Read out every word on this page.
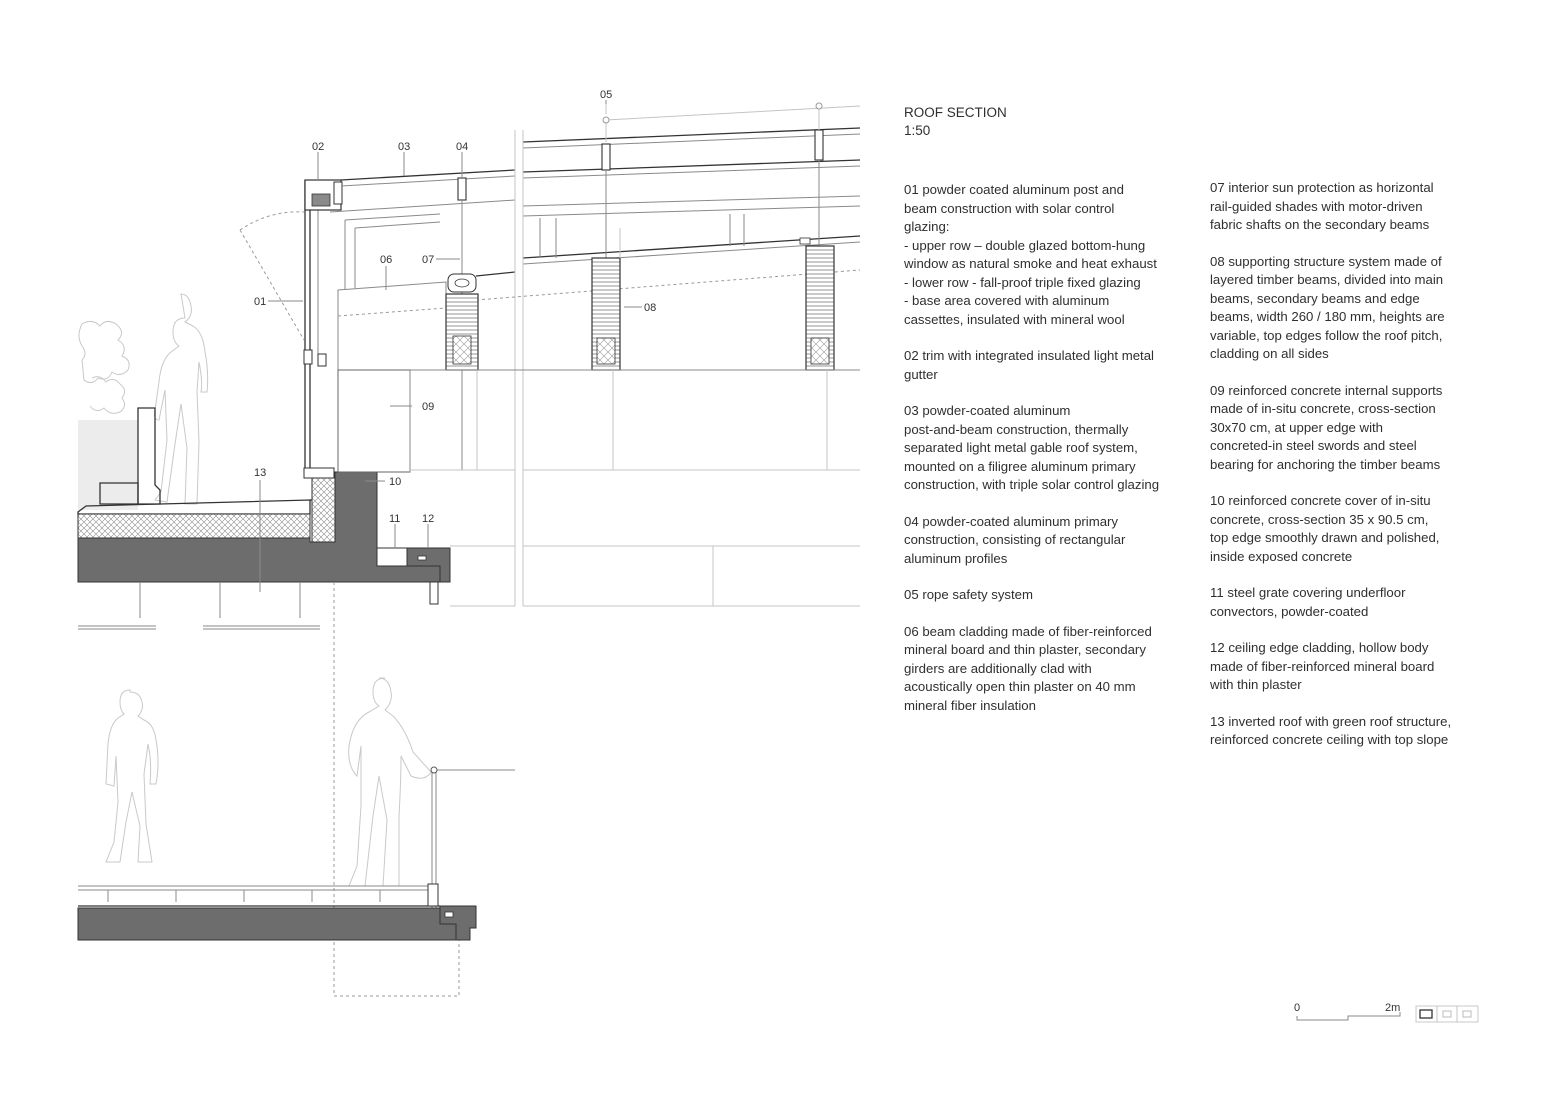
01
02	03	04
05
06	07
08
09
10
11 12
13
0	2m
ROOF SECTION
1:50

01 powder coated aluminum post and
beam construction with solar control
glazing:
- upper row – double glazed bottom-hung
window as natural smoke and heat exhaust
- lower row - fall-proof triple fixed glazing
- base area covered with aluminum
cassettes, insulated with mineral wool

02 trim with integrated insulated light metal
gutter

03 powder-coated aluminum
post-and-beam construction, thermally
separated light metal gable roof system,
mounted on a filigree aluminum primary
construction, with triple solar control glazing

04 powder-coated aluminum primary
construction, consisting of rectangular
aluminum profiles

05 rope safety system

06 beam cladding made of fiber-reinforced
mineral board and thin plaster, secondary
girders are additionally clad with
acoustically open thin plaster on 40 mm
mineral fiber insulation

07 interior sun protection as horizontal
rail-guided shades with motor-driven
fabric shafts on the secondary beams

08 supporting structure system made of
layered timber beams, divided into main
beams, secondary beams and edge
beams, width 260 / 180 mm, heights are
variable, top edges follow the roof pitch,
cladding on all sides

09 reinforced concrete internal supports
made of in-situ concrete, cross-section
30x70 cm, at upper edge with
concreted-in steel swords and steel
bearing for anchoring the timber beams

10 reinforced concrete cover of in-situ
concrete, cross-section 35 x 90.5 cm,
top edge smoothly drawn and polished,
inside exposed concrete

11 steel grate covering underfloor
convectors, powder-coated

12 ceiling edge cladding, hollow body
made of fiber-reinforced mineral board
with thin plaster

13 inverted roof with green roof structure,
reinforced concrete ceiling with top slope
